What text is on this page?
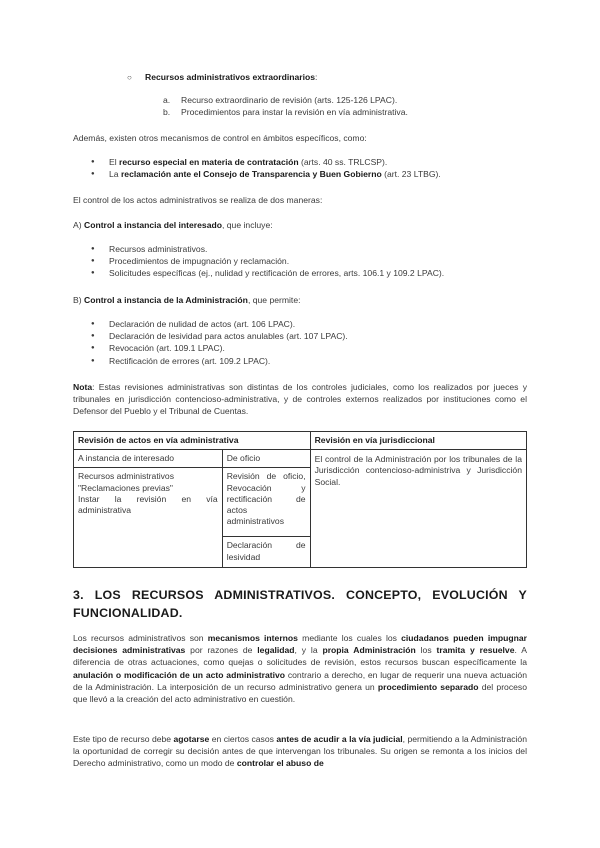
○ Recursos administrativos extraordinarios:

a. Recurso extraordinario de revisión (arts. 125-126 LPAC).
b. Procedimientos para instar la revisión en vía administrativa.

Además, existen otros mecanismos de control en ámbitos específicos, como:

● El recurso especial en materia de contratación (arts. 40 ss. TRLCSP).
● La reclamación ante el Consejo de Transparencia y Buen Gobierno (art. 23 LTBG).

El control de los actos administrativos se realiza de dos maneras:

A) Control a instancia del interesado, que incluye:

● Recursos administrativos.
● Procedimientos de impugnación y reclamación.
● Solicitudes específicas (ej., nulidad y rectificación de errores, arts. 106.1 y 109.2 LPAC).

B) Control a instancia de la Administración, que permite:

● Declaración de nulidad de actos (art. 106 LPAC).
● Declaración de lesividad para actos anulables (art. 107 LPAC).
● Revocación (art. 109.1 LPAC).
● Rectificación de errores (art. 109.2 LPAC).

Nota: Estas revisiones administrativas son distintas de los controles judiciales, como los realizados por jueces y tribunales en jurisdicción contencioso-administrativa, y de controles externos realizados por instituciones como el Defensor del Pueblo y el Tribunal de Cuentas.

Revisión de actos en vía administrativa		Revisión en vía jurisdiccional
A instancia de interesado	De oficio	El control de la Administración por los tribunales de la Jurisdicción contencioso-administriva y Jurisdicción Social.

Recursos administrativos
"Reclamaciones previas"
Instar la revisión en vía administrativa	Revisión de oficio, Revocación y rectificación de actos administrativos	
	Declaración de lesividad	
3. LOS RECURSOS ADMINISTRATIVOS. CONCEPTO, EVOLUCIÓN Y FUNCIONALIDAD.

Los recursos administrativos son mecanismos internos mediante los cuales los ciudadanos pueden impugnar decisiones administrativas por razones de legalidad, y la propia Administración los tramita y resuelve. A diferencia de otras actuaciones, como quejas o solicitudes de revisión, estos recursos buscan específicamente la anulación o modificación de un acto administrativo contrario a derecho, en lugar de requerir una nueva actuación de la Administración. La interposición de un recurso administrativo genera un procedimiento separado del proceso que llevó a la creación del acto administrativo en cuestión.

Este tipo de recurso debe agotarse en ciertos casos antes de acudir a la vía judicial, permitiendo a la Administración la oportunidad de corregir su decisión antes de que intervengan los tribunales. Su origen se remonta a los inicios del Derecho administrativo, como un modo de controlar el abuso de
